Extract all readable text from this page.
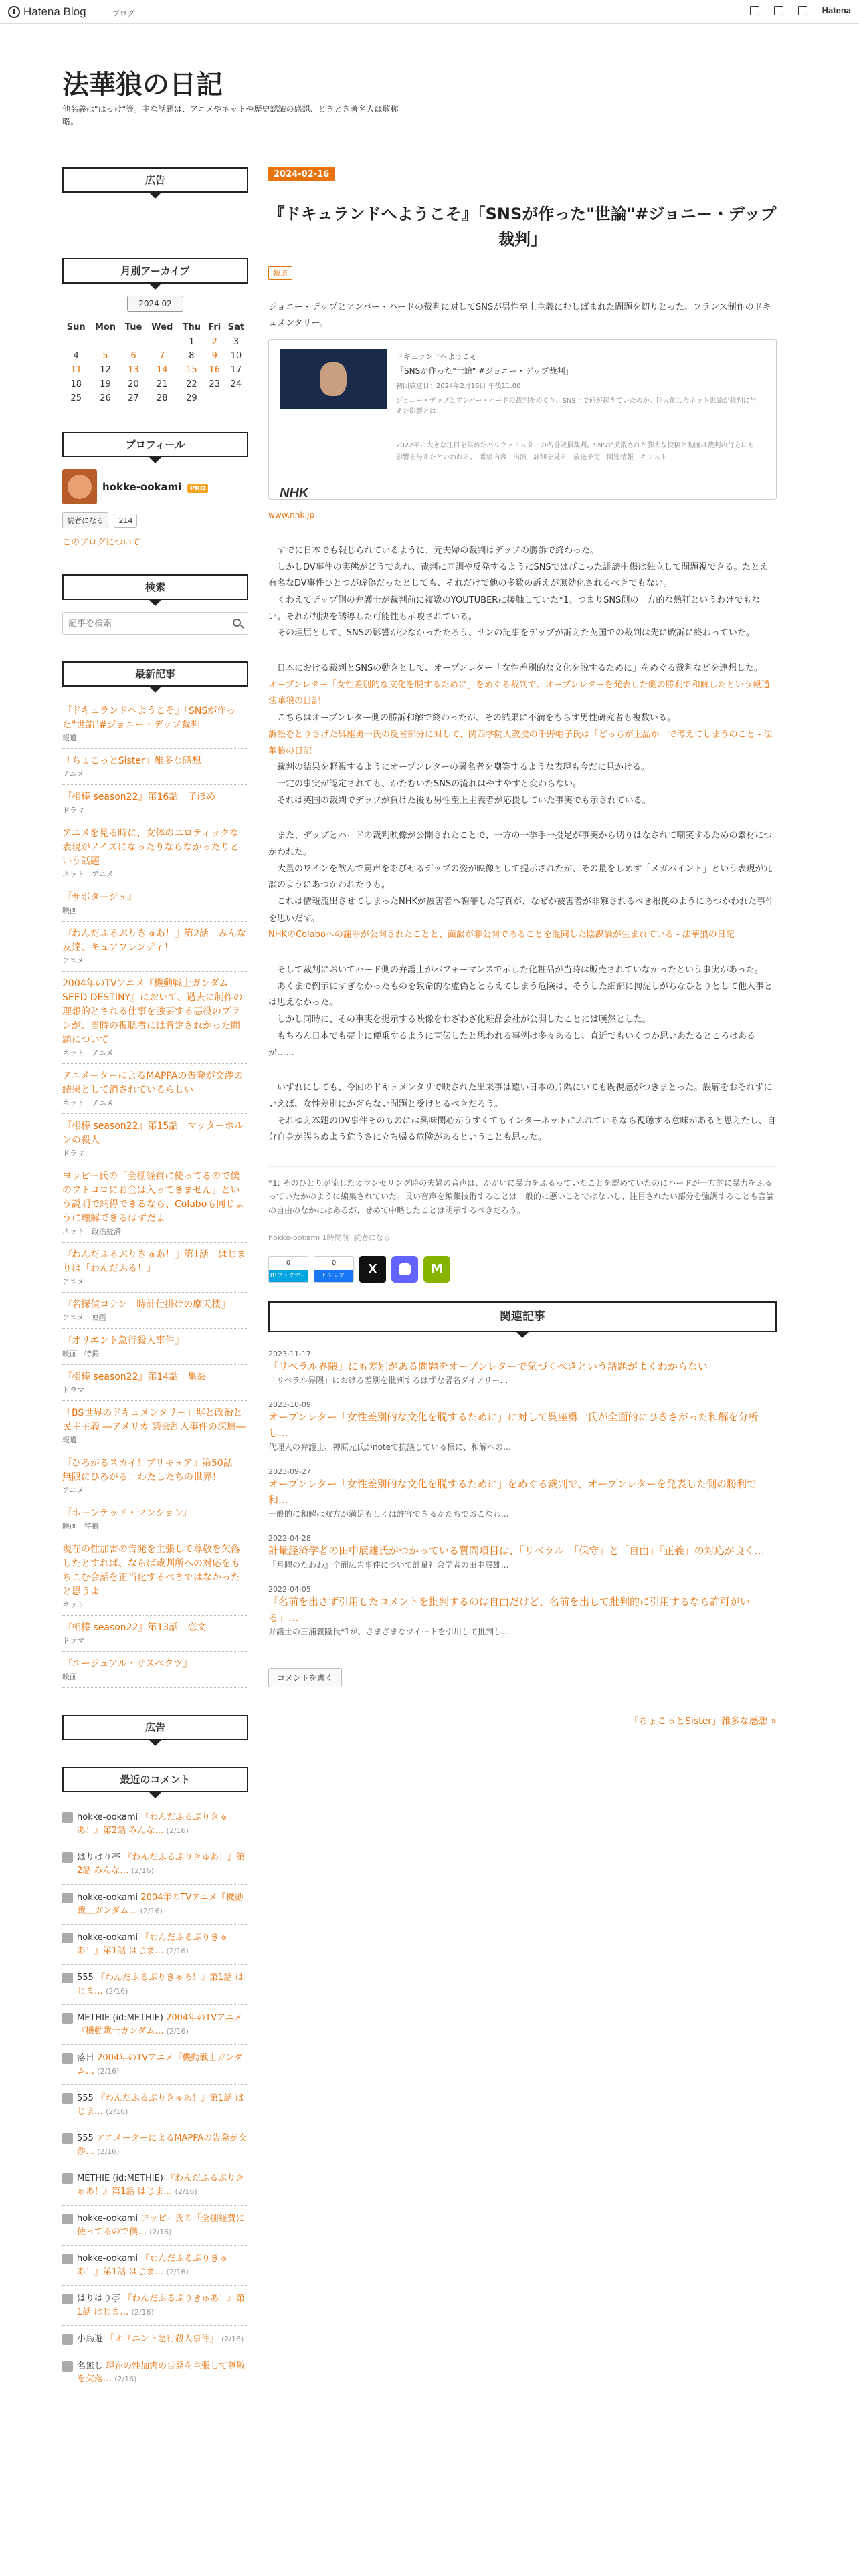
Hatena Blog	ブログ	Hatena
法華狼の日記

他名義は"はっけ"等。主な話題は、アニメやネットや歴史認識の感想、ときどき著名人は敬称略。

広告
月別アーカイブ
2024 02
Sun	Mon	Tue	Wed	Thu	Fri	Sat
				1	2	3
4	5	6	7	8	9	10
11	12	13	14	15	16	17
18	19	20	21	22	23	24
25	26	27	28	29		
プロフィール
hokke-ookami PRO
読者になる 214
このブログについて
検索
記事を検索
最新記事
『ドキュランドへようこそ』「SNSが作った"世論"#ジョニー・デップ裁判」
報道
「ちょこっとSister」雑多な感想
アニメ
『相棒 season22』第16話　子ほめ
ドラマ
アニメを見る時に、女体のエロティックな表現がノイズになったりならなかったりという話題
ネット　アニメ
『サボタージュ』
映画
『わんだふるぷりきゅあ！』第2話　みんな友達、キュアフレンディ！
アニメ
2004年のTVアニメ『機動戦士ガンダムSEED DESTINY』において、過去に制作の理想的とされる仕事を強要する悪役のプランが、当時の視聴者には肯定されかった問題について
ネット　アニメ
アニメーターによるMAPPAの告発が交渉の結果として消されているらしい
ネット　アニメ
『相棒 season22』第15話　マッターホルンの殺人
ドラマ
ヨッピー氏の「全棚経費に使ってるので僕のフトコロにお金は入ってきません」という説明で納得できるなら、Colaboも同じように理解できるはずだよ
ネット　政治経済
『わんだふるぷりきゅあ！』第1話　はじまりは「わんだふる！」
アニメ
『名探偵コナン　時計仕掛けの摩天楼』
アニメ　映画
『オリエント急行殺人事件』
映画　特撮
『相棒 season22』第14話　亀裂
ドラマ
「BS世界のドキュメンタリー」塀と政治と民主主義 ―アメリカ 議会乱入事件の深層―
報道
『ひろがるスカイ！プリキュア』第50話　無限にひろがる！わたしたちの世界！
アニメ
『ホーンテッド・マンション』
映画　特撮
現在の性加害の告発を主張して尊敬を欠落したとすれば、ならば裁判所への対応をもちこむ会話を正当化するべきではなかったと思うよ
ネット
『相棒 season22』第13話　恋文
ドラマ
『ユージュアル・サスペクツ』
映画
広告
最近のコメント
hokke-ookami 『わんだふるぷりきゅあ！』第2話 みんな… (2/16)
はりはり亭 『わんだふるぷりきゅあ！』第2話 みんな… (2/16)
hokke-ookami 2004年のTVアニメ『機動戦士ガンダム… (2/16)
hokke-ookami 『わんだふるぷりきゅあ！』第1話 はじま… (2/16)
555 『わんだふるぷりきゅあ！』第1話 はじま… (2/16)
METHIE (id:METHIE) 2004年のTVアニメ『機動戦士ガンダム… (2/16)
落日 2004年のTVアニメ『機動戦士ガンダム… (2/16)
555 『わんだふるぷりきゅあ！』第1話 はじま… (2/16)
555 アニメーターによるMAPPAの告発が交渉… (2/16)
METHIE (id:METHIE) 『わんだふるぷりきゅあ！』第1話 はじま… (2/16)
hokke-ookami ヨッピー氏の「全棚経費に使ってるので僕… (2/16)
hokke-ookami 『わんだふるぷりきゅあ！』第1話 はじま… (2/16)
はりはり亭 『わんだふるぷりきゅあ！』第1話 はじま… (2/16)
小鳥遊 『オリエント急行殺人事件』 (2/16)
名無し 現在の性加害の告発を主張して尊敬を欠落… (2/16)
2024-02-16
『ドキュランドへようこそ』「SNSが作った"世論"#ジョニー・デップ裁判」
報道

ジョニー・デップとアンバー・ハードの裁判に対してSNSが男性至上主義にむしばまれた問題を切りとった、フランス制作のドキュメンタリー。

ドキュランドへようこそ
「SNSが作った"世論" #ジョニー・デップ裁判」
初回放送日：2024年2月16日 午後11:00
ジョニー・デップとアンバー・ハードの裁判をめぐり、SNS上で何が起きていたのか。巨大化したネット世論が裁判に与えた影響とは…
2022年に大きな注目を集めたハリウッドスターの名誉毀損裁判。SNSで拡散された膨大な投稿と動画は裁判の行方にも影響を与えたといわれる。　番組内容　出演　詳細を見る　放送予定　関連情報　キャスト
NHK
www.nhk.jp

　すでに日本でも報じられているように、元夫婦の裁判はデップの勝訴で終わった。

　しかしDV事件の実態がどうであれ、裁判に同調や反発するようにSNSではびこった誹謗中傷は独立して問題視できる。たとえ有名なDV事件ひとつが虚偽だったとしても、それだけで他の多数の訴えが無効化されるべきでもない。

　くわえてデップ側の弁護士が裁判前に複数のYOUTUBERに接触していた*1。つまりSNS側の一方的な熱狂というわけでもない。それが判決を誘導した可能性も示唆されている。

　その理屈として、SNSの影響が少なかったたろう、サンの記事をデップが訴えた英国での裁判は先に敗訴に終わっていた。

　日本における裁判とSNSの動きとして、オープンレター「女性差別的な文化を脱するために」をめぐる裁判などを連想した。

オープンレター「女性差別的な文化を脱するために」をめぐる裁判で、オープンレターを発表した側の勝利で和解したという報道 - 法華狼の日記

　こちらはオープンレター側の勝訴和解で終わったが、その結果に不満をもらす男性研究者も複数いる。

訴訟をとりさげた呉座勇一氏の反省部分に対して、関西学院大教授の千野帽子氏は「どっちが上品か」で考えてしまうのこと - 法華狼の日記

　裁判の結果を軽視するようにオープンレターの署名者を嘲笑するような表現も今だに見かける。

　一定の事実が認定されても、かたむいたSNSの流れはやすやすと変わらない。

　それは英国の裁判でデップが負けた後も男性至上主義者が応援していた事実でも示されている。

　また、デップとハードの裁判映像が公開されたことで、一方の一挙手一投足が事実から切りはなされて嘲笑するための素材につかわれた。

　大量のワインを飲んで罵声をあびせるデップの姿が映像として提示されたが、その量をしめす「メガパイント」という表現が冗談のようにあつかわれたりも。

　これは情報流出させてしまったNHKが被害者へ謝罪した写真が、なぜか被害者が非難されるべき根拠のようにあつかわれた事件を思いだす。

NHKのColaboへの謝罪が公開されたことと、面談が非公開であることを混同した陰謀論が生まれている - 法華狼の日記

　そして裁判においてハード側の弁護士がパフォーマンスで示した化粧品が当時は販売されていなかったという事実があった。

　あくまで例示にすぎなかったものを致命的な虚偽ととらえてしまう危険は、そうした細部に拘泥しがちなひとりとして他人事とは思えなかった。

　しかし同時に、その事実を提示する映像をわざわざ化粧品会社が公開したことには嘆然とした。

　もちろん日本でも売上に便乗するように宣伝したと思われる事例は多々あるし、直近でもいくつか思いあたるところはあるが……

　いずれにしても、今回のドキュメンタリで映された出来事は遠い日本の片隅にいても既視感がつきまとった。誤解をおそれずにいえば、女性差別にかぎらない問題と受けとるべきだろう。

　それゆえ本題のDV事件そのものには興味関心がうすくてもインターネットにふれているなら視聴する意味があると思えたし、自分自身が誤らぬよう危うさに立ち帰る危険があるということも思った。

*1: そのひとりが流したカウンセリング時の夫婦の音声は、かがいに暴力をふるっていたことを認めていたのにハードが一方的に暴力をふるっていたかのように編集されていた。長い音声を編集技術することは一般的に悪いことではないし、注目されたい部分を強調することも言論の自由のなかにはあるが、せめて中略したことは明示するべきだろう。
hokke-ookami 1時間前 読者になる
0
B!ブックマーク
0
f シェア	X	M
関連記事
2023-11-17
「リベラル界隈」にも差別がある問題をオープンレターで気づくべきという話題がよくわからない
「リベラル界隈」における差別を批判するはずな署名ダイアリー…
2023-10-09
オープンレター「女性差別的な文化を脱するために」に対して呉座勇一氏が全面的にひきさがった和解を分析し…
代理人の弁護士、神原元氏がnoteで抗議している様に、和解への…
2023-09-27
オープンレター「女性差別的な文化を脱するために」をめぐる裁判で、オープンレターを発表した側の勝利で和…
一般的に和解は双方が満足もしくは許容できるかたちでおこなわ…
2022-04-28
計量経済学者の田中辰雄氏がつかっている質問項目は、「リベラル」「保守」と「自由」「正義」の対応が良く…
『月曜のたわわ』全面広告事件について計量社会学者の田中辰雄…
2022-04-05
「名前を出さず引用したコメントを批判するのは自由だけど、名前を出して批判的に引用するなら許可がいる」…
弁護士の三浦義隆氏*1が、さまざまなツイートを引用して批判し…
コメントを書く
「ちょこっとSister」雑多な感想 »
